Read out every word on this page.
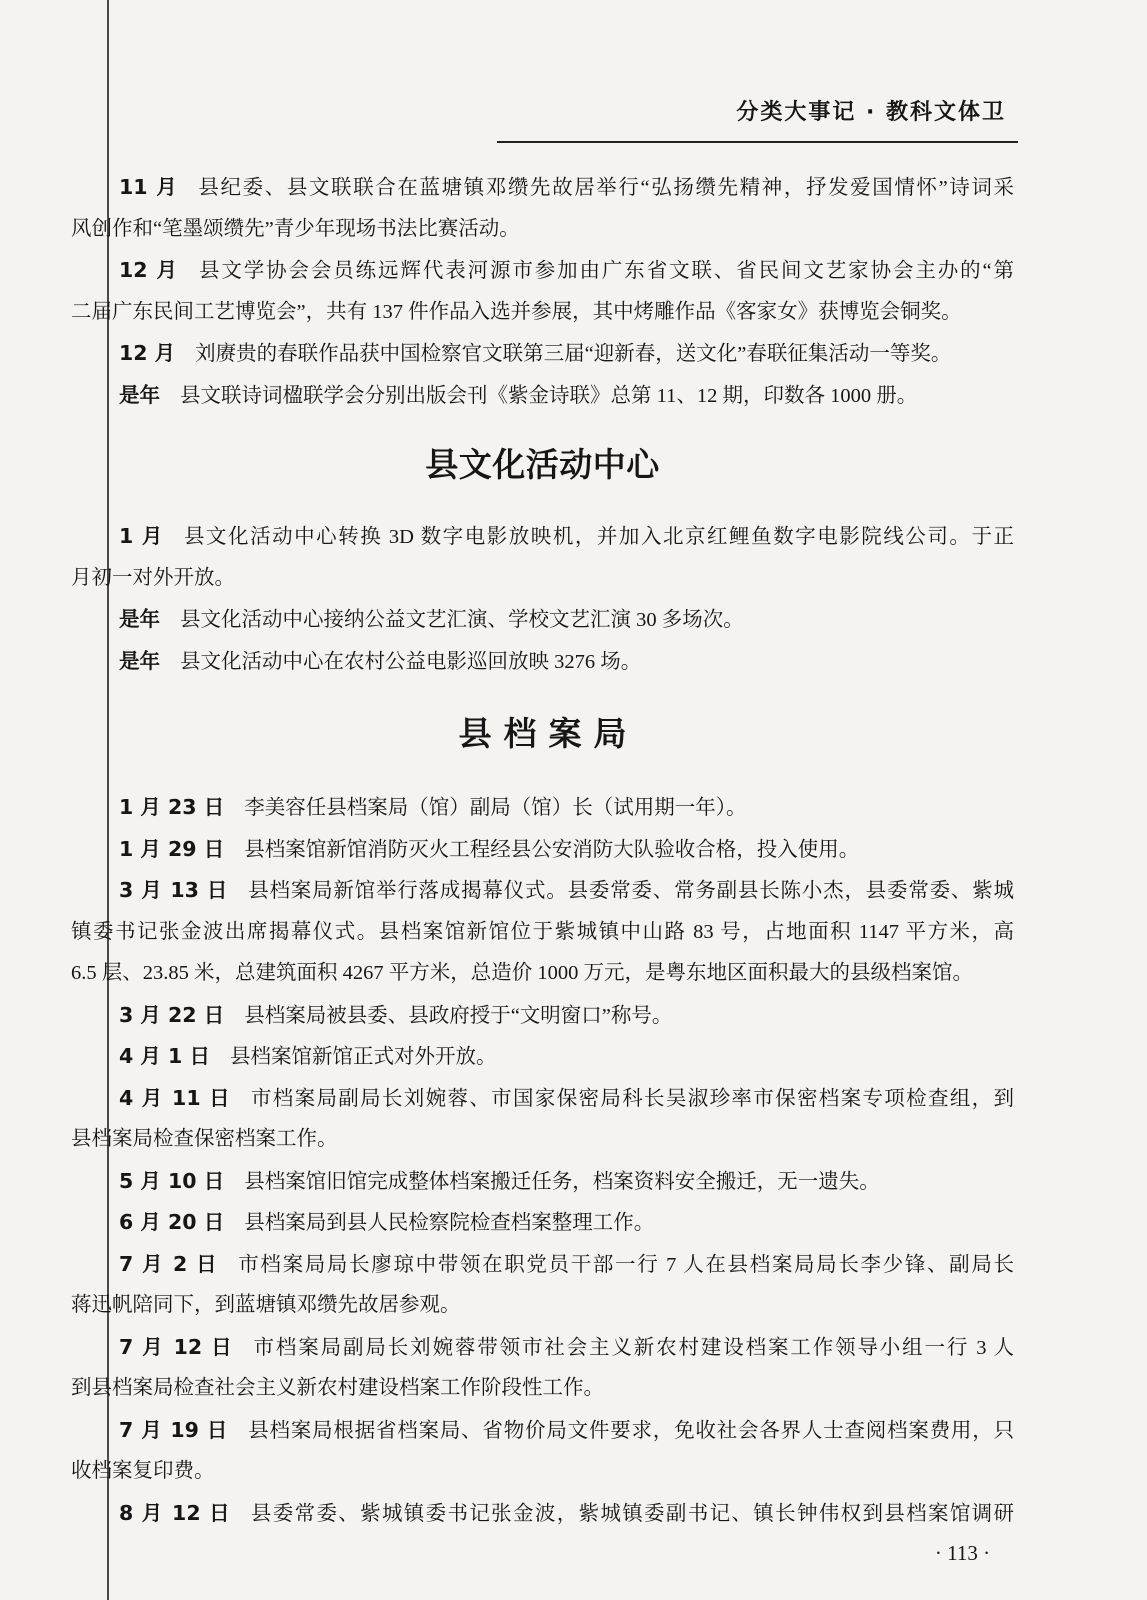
分类大事记 · 教科文体卫
11 月 县纪委、县文联联合在蓝塘镇邓缵先故居举行“弘扬缵先精神，抒发爱国情怀”诗词采
风创作和“笔墨颂缵先”青少年现场书法比赛活动。
12 月 县文学协会会员练远辉代表河源市参加由广东省文联、省民间文艺家协会主办的“第
二届广东民间工艺博览会”，共有 137 件作品入选并参展，其中烤雕作品《客家女》获博览会铜奖。
12 月 刘赓贵的春联作品获中国检察官文联第三届“迎新春，送文化”春联征集活动一等奖。
是年 县文联诗词楹联学会分别出版会刊《紫金诗联》总第 11、12 期，印数各 1000 册。
县文化活动中心
1 月 县文化活动中心转换 3D 数字电影放映机，并加入北京红鲤鱼数字电影院线公司。于正
月初一对外开放。
是年 县文化活动中心接纳公益文艺汇演、学校文艺汇演 30 多场次。
是年 县文化活动中心在农村公益电影巡回放映 3276 场。
县档案局
1 月 23 日 李美容任县档案局（馆）副局（馆）长（试用期一年）。
1 月 29 日 县档案馆新馆消防灭火工程经县公安消防大队验收合格，投入使用。
3 月 13 日 县档案局新馆举行落成揭幕仪式。县委常委、常务副县长陈小杰，县委常委、紫城
镇委书记张金波出席揭幕仪式。县档案馆新馆位于紫城镇中山路 83 号，占地面积 1147 平方米，高
6.5 层、23.85 米，总建筑面积 4267 平方米，总造价 1000 万元，是粤东地区面积最大的县级档案馆。
3 月 22 日 县档案局被县委、县政府授于“文明窗口”称号。
4 月 1 日 县档案馆新馆正式对外开放。
4 月 11 日 市档案局副局长刘婉蓉、市国家保密局科长吴淑珍率市保密档案专项检查组，到
县档案局检查保密档案工作。
5 月 10 日 县档案馆旧馆完成整体档案搬迁任务，档案资料安全搬迁，无一遗失。
6 月 20 日 县档案局到县人民检察院检查档案整理工作。
7 月 2 日 市档案局局长廖琼中带领在职党员干部一行 7 人在县档案局局长李少锋、副局长
蒋迅帆陪同下，到蓝塘镇邓缵先故居参观。
7 月 12 日 市档案局副局长刘婉蓉带领市社会主义新农村建设档案工作领导小组一行 3 人
到县档案局检查社会主义新农村建设档案工作阶段性工作。
7 月 19 日 县档案局根据省档案局、省物价局文件要求，免收社会各界人士查阅档案费用，只
收档案复印费。
8 月 12 日 县委常委、紫城镇委书记张金波，紫城镇委副书记、镇长钟伟权到县档案馆调研
· 113 ·
